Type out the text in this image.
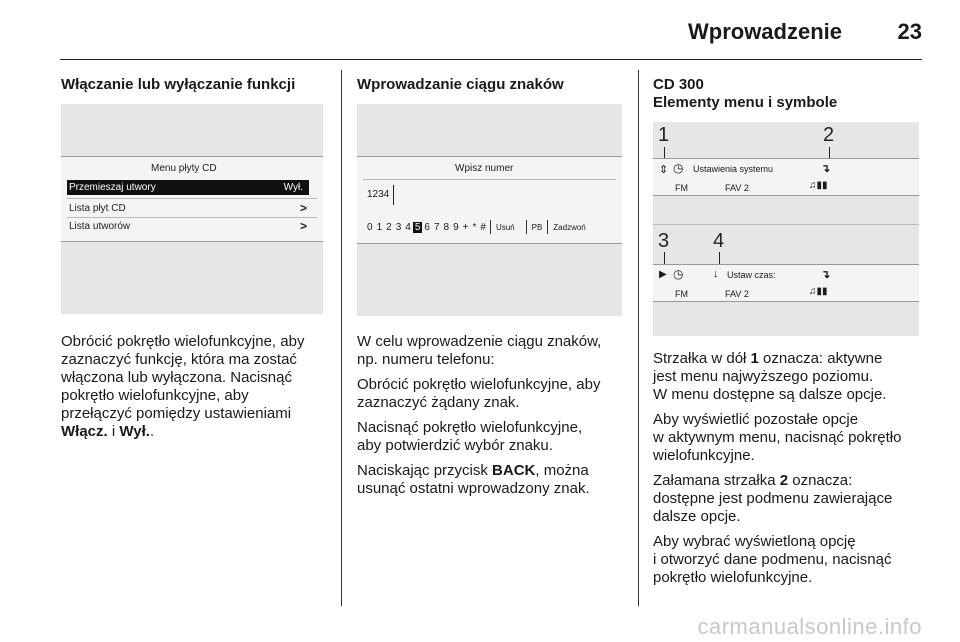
Wprowadzenie	23
Włączanie lub wyłączanie funkcji
Menu płyty CD
Przemieszaj utwory	Wył.
Lista płyt CD	>
Lista utworów	>

Obrócić pokrętło wielofunkcyjne, aby
zaznaczyć funkcję, która ma zostać
włączona lub wyłączona. Nacisnąć
pokrętło wielofunkcyjne, aby
przełączyć pomiędzy ustawieniami
Włącz. i Wył..

Wprowadzanie ciągu znaków
Wpisz numer
1234
0 1 2 3 4 5 6 7 8 9 + * #	Usuń	PB	Zadzwoń

W celu wprowadzenie ciągu znaków,
np. numeru telefonu:

Obrócić pokrętło wielofunkcyjne, aby
zaznaczyć żądany znak.

Nacisnąć pokrętło wielofunkcyjne,
aby potwierdzić wybór znaku.

Naciskając przycisk BACK, można
usunąć ostatni wprowadzony znak.

CD 300
Elementy menu i symbole
1	2
⇕ ◷ Ustawienia systemu	↴
FM	FAV 2	♫▮▮
3 4
▶ ◷	↓ Ustaw czas:	↴
FM	FAV 2	♫▮▮

Strzałka w dół 1 oznacza: aktywne
jest menu najwyższego poziomu.
W menu dostępne są dalsze opcje.

Aby wyświetlić pozostałe opcje
w aktywnym menu, nacisnąć pokrętło
wielofunkcyjne.

Załamana strzałka 2 oznacza:
dostępne jest podmenu zawierające
dalsze opcje.

Aby wybrać wyświetloną opcję
i otworzyć dane podmenu, nacisnąć
pokrętło wielofunkcyjne.

carmanualsonline.info
